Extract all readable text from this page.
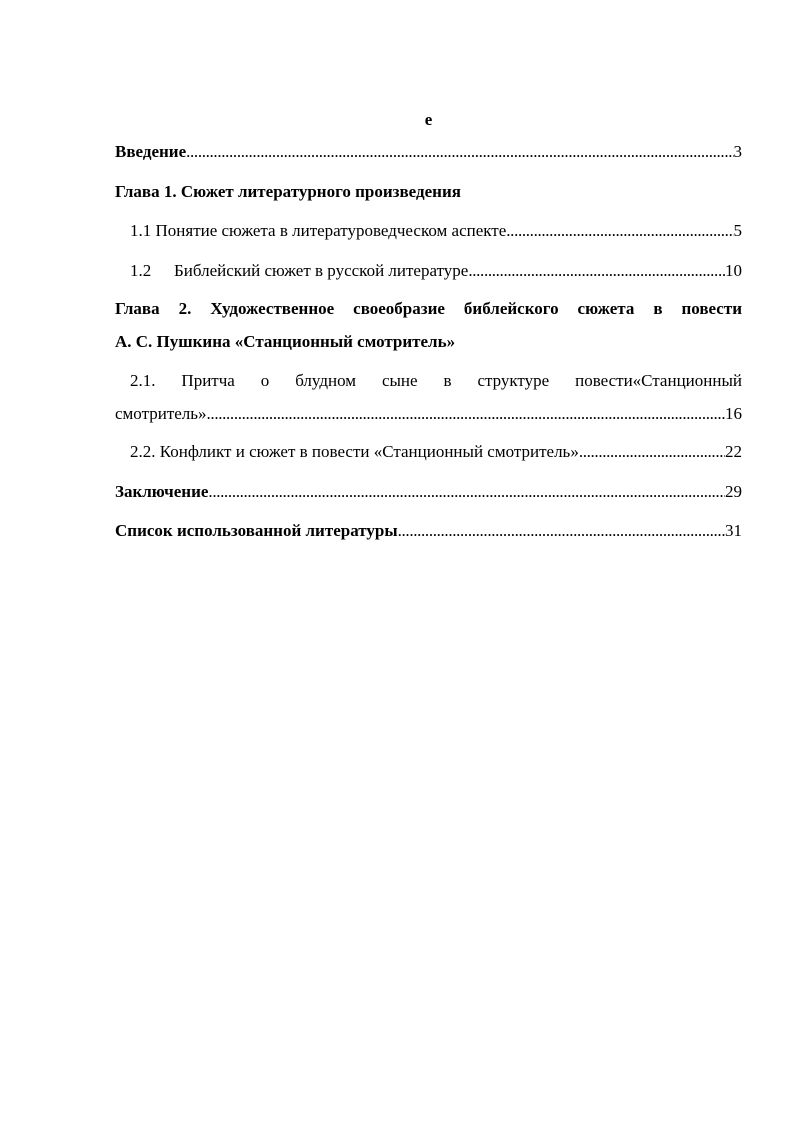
е
Введение . . .	3
Глава 1. Сюжет литературного произведения
1.1 Понятие сюжета в литературоведческом аспекте . . .	5
1.2 Библейский сюжет в русской литературе . . .	10
Глава 2. Художественное своеобразие библейского сюжета в повести
А. С. Пушкина «Станционный смотритель»
2.1. Притча о блудном сыне в структуре повести«Станционный
смотритель» . . .	16
2.2. Конфликт и сюжет в повести «Станционный смотритель» . . .	22
Заключение . . .	29
Список использованной литературы . . .	31
